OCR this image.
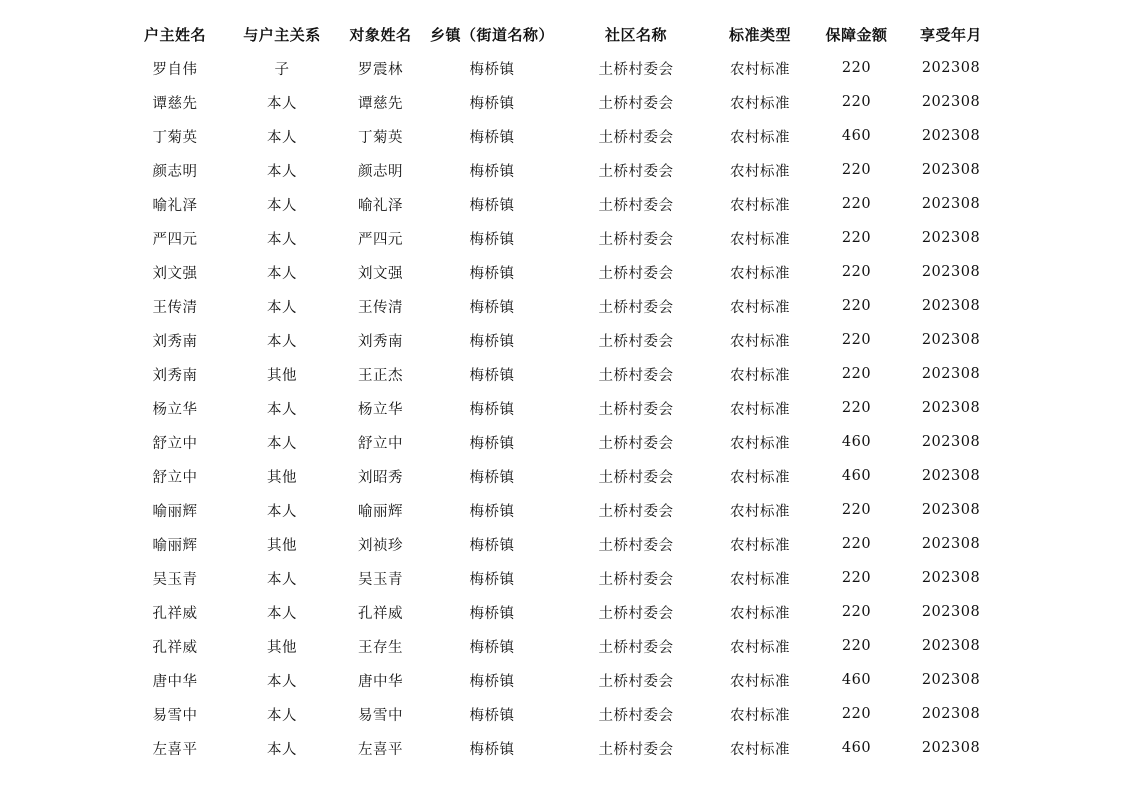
户主姓名	与户主关系	对象姓名	乡镇（街道名称）	社区名称	标准类型	保障金额	享受年月
罗自伟	子	罗震林	梅桥镇	土桥村委会	农村标准	220	202308
谭慈先	本人	谭慈先	梅桥镇	土桥村委会	农村标准	220	202308
丁菊英	本人	丁菊英	梅桥镇	土桥村委会	农村标准	460	202308
颜志明	本人	颜志明	梅桥镇	土桥村委会	农村标准	220	202308
喻礼泽	本人	喻礼泽	梅桥镇	土桥村委会	农村标准	220	202308
严四元	本人	严四元	梅桥镇	土桥村委会	农村标准	220	202308
刘文强	本人	刘文强	梅桥镇	土桥村委会	农村标准	220	202308
王传清	本人	王传清	梅桥镇	土桥村委会	农村标准	220	202308
刘秀南	本人	刘秀南	梅桥镇	土桥村委会	农村标准	220	202308
刘秀南	其他	王正杰	梅桥镇	土桥村委会	农村标准	220	202308
杨立华	本人	杨立华	梅桥镇	土桥村委会	农村标准	220	202308
舒立中	本人	舒立中	梅桥镇	土桥村委会	农村标准	460	202308
舒立中	其他	刘昭秀	梅桥镇	土桥村委会	农村标准	460	202308
喻丽辉	本人	喻丽辉	梅桥镇	土桥村委会	农村标准	220	202308
喻丽辉	其他	刘祯珍	梅桥镇	土桥村委会	农村标准	220	202308
吴玉青	本人	吴玉青	梅桥镇	土桥村委会	农村标准	220	202308
孔祥威	本人	孔祥威	梅桥镇	土桥村委会	农村标准	220	202308
孔祥威	其他	王存生	梅桥镇	土桥村委会	农村标准	220	202308
唐中华	本人	唐中华	梅桥镇	土桥村委会	农村标准	460	202308
易雪中	本人	易雪中	梅桥镇	土桥村委会	农村标准	220	202308
左喜平	本人	左喜平	梅桥镇	土桥村委会	农村标准	460	202308
